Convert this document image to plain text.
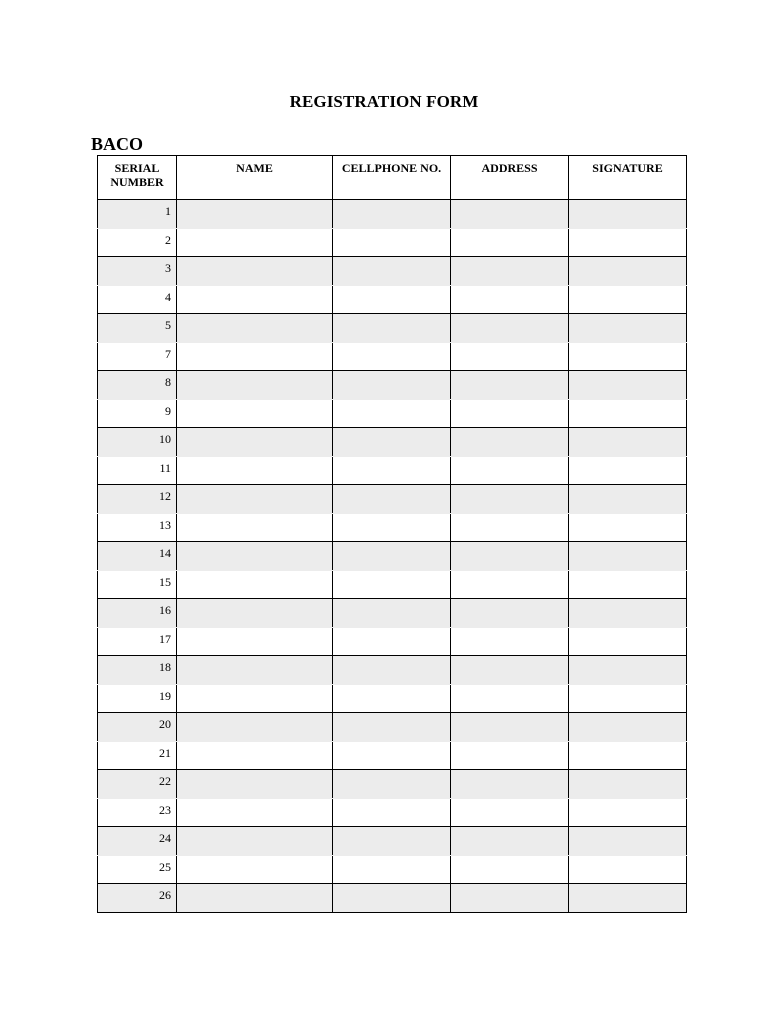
REGISTRATION FORM
BACO
SERIAL
NUMBER	NAME	CELLPHONE NO.	ADDRESS	SIGNATURE
1				
2				
3				
4				
5				
7				
8				
9				
10				
11				
12				
13				
14				
15				
16				
17				
18				
19				
20				
21				
22				
23				
24				
25				
26				
